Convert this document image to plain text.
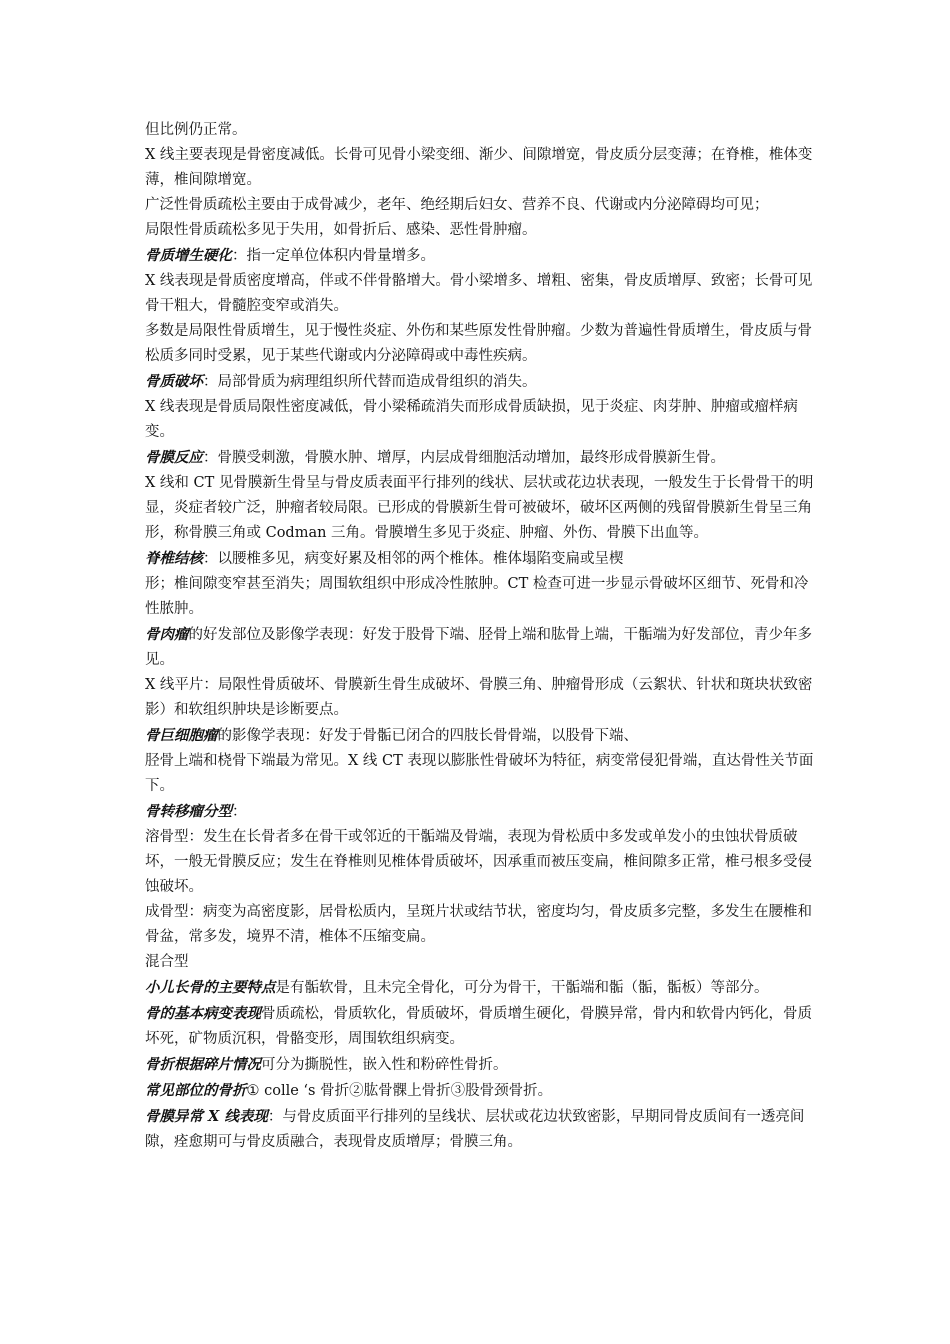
但比例仍正常。

X 线主要表现是骨密度减低。长骨可见骨小梁变细、渐少、间隙增宽，骨皮质分层变薄；在脊椎，椎体变薄，椎间隙增宽。

广泛性骨质疏松主要由于成骨减少，老年、绝经期后妇女、营养不良、代谢或内分泌障碍均可见；

局限性骨质疏松多见于失用，如骨折后、感染、恶性骨肿瘤。

骨质增生硬化：指一定单位体积内骨量增多。

X 线表现是骨质密度增高，伴或不伴骨骼增大。骨小梁增多、增粗、密集，骨皮质增厚、致密；长骨可见骨干粗大，骨髓腔变窄或消失。

多数是局限性骨质增生，见于慢性炎症、外伤和某些原发性骨肿瘤。少数为普遍性骨质增生，骨皮质与骨松质多同时受累，见于某些代谢或内分泌障碍或中毒性疾病。

骨质破坏：局部骨质为病理组织所代替而造成骨组织的消失。

X 线表现是骨质局限性密度减低，骨小梁稀疏消失而形成骨质缺损，见于炎症、肉芽肿、肿瘤或瘤样病变。

骨膜反应：骨膜受刺激，骨膜水肿、增厚，内层成骨细胞活动增加，最终形成骨膜新生骨。

X 线和 CT 见骨膜新生骨呈与骨皮质表面平行排列的线状、层状或花边状表现，一般发生于长骨骨干的明显，炎症者较广泛，肿瘤者较局限。已形成的骨膜新生骨可被破坏，破坏区两侧的残留骨膜新生骨呈三角形，称骨膜三角或 Codman 三角。骨膜增生多见于炎症、肿瘤、外伤、骨膜下出血等。

脊椎结核：以腰椎多见，病变好累及相邻的两个椎体。椎体塌陷变扁或呈楔

形；椎间隙变窄甚至消失；周围软组织中形成冷性脓肿。CT 检查可进一步显示骨破坏区细节、死骨和冷性脓肿。

骨肉瘤的好发部位及影像学表现：好发于股骨下端、胫骨上端和肱骨上端，干骺端为好发部位，青少年多见。

X 线平片：局限性骨质破坏、骨膜新生骨生成破坏、骨膜三角、肿瘤骨形成（云絮状、针状和斑块状致密影）和软组织肿块是诊断要点。

骨巨细胞瘤的影像学表现：好发于骨骺已闭合的四肢长骨骨端，以股骨下端、

胫骨上端和桡骨下端最为常见。X 线 CT 表现以膨胀性骨破坏为特征，病变常侵犯骨端，直达骨性关节面下。

骨转移瘤分型：

溶骨型：发生在长骨者多在骨干或邻近的干骺端及骨端，表现为骨松质中多发或单发小的虫蚀状骨质破坏，一般无骨膜反应；发生在脊椎则见椎体骨质破坏，因承重而被压变扁，椎间隙多正常，椎弓根多受侵蚀破坏。

成骨型：病变为高密度影，居骨松质内，呈斑片状或结节状，密度均匀，骨皮质多完整，多发生在腰椎和骨盆，常多发，境界不清，椎体不压缩变扁。

混合型

小儿长骨的主要特点是有骺软骨，且未完全骨化，可分为骨干，干骺端和骺（骺，骺板）等部分。

骨的基本病变表现骨质疏松，骨质软化，骨质破坏，骨质增生硬化，骨膜异常，骨内和软骨内钙化，骨质坏死，矿物质沉积，骨骼变形，周围软组织病变。

骨折根据碎片情况可分为撕脱性，嵌入性和粉碎性骨折。

常见部位的骨折① colle ‘s 骨折②肱骨髁上骨折③股骨颈骨折。

骨膜异常 X 线表现：与骨皮质面平行排列的呈线状、层状或花边状致密影，早期同骨皮质间有一透亮间隙，痊愈期可与骨皮质融合，表现骨皮质增厚；骨膜三角。
